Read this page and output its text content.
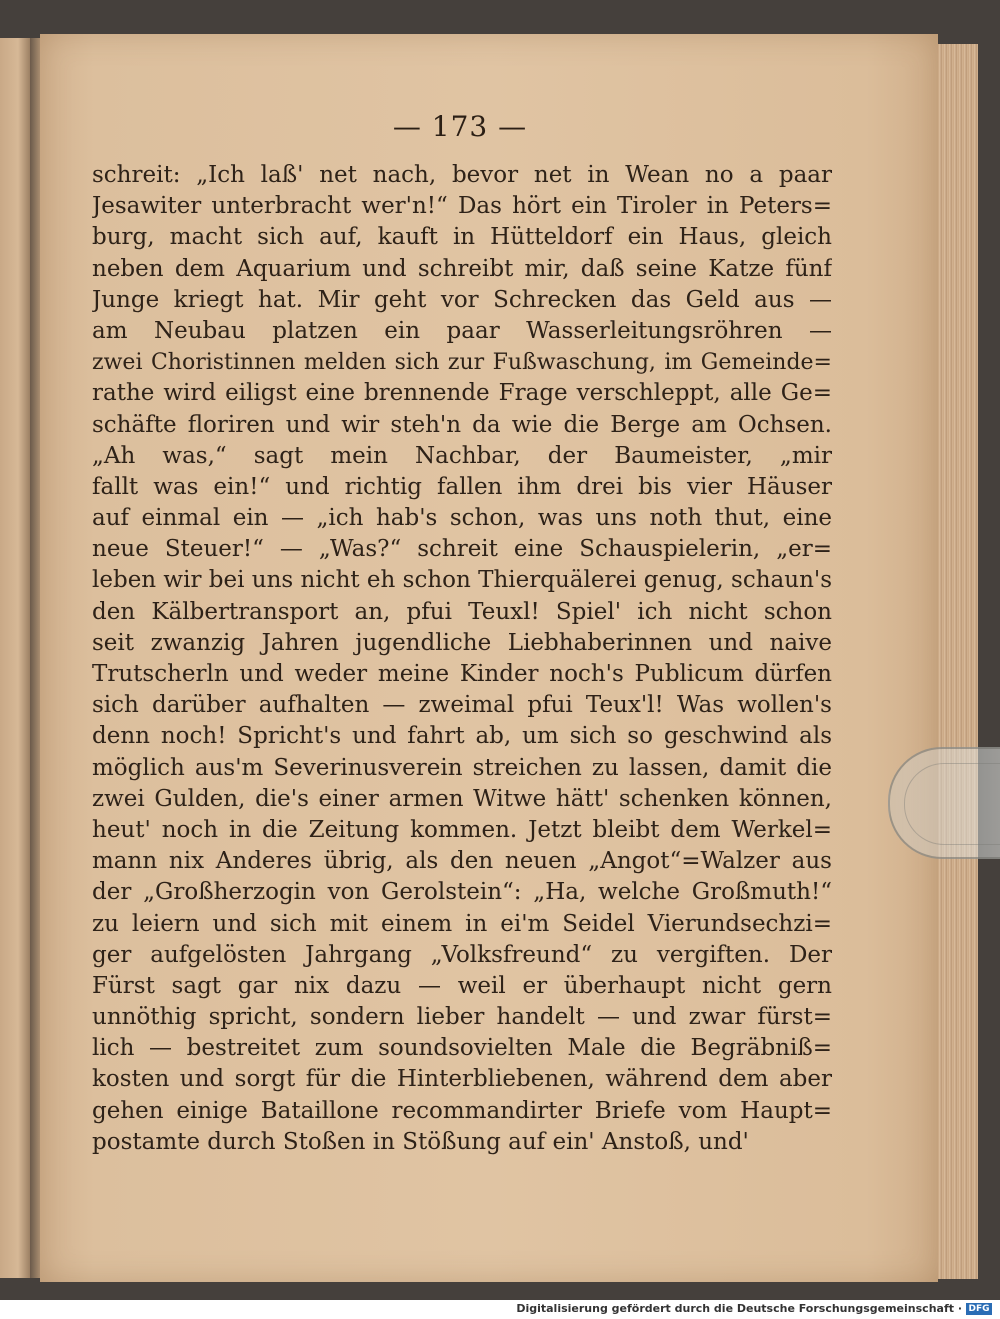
— 173 —
schreit: „Ich laß' net nach, bevor net in Wean no a paar
Jesawiter unterbracht wer'n!“ Das hört ein Tiroler in Peters=
burg, macht sich auf, kauft in Hütteldorf ein Haus, gleich
neben dem Aquarium und schreibt mir, daß seine Katze fünf
Junge kriegt hat. Mir geht vor Schrecken das Geld aus —
am Neubau platzen ein paar Wasserleitungsröhren —
zwei Choristinnen melden sich zur Fußwaschung, im Gemeinde=
rathe wird eiligst eine brennende Frage verschleppt, alle Ge=
schäfte floriren und wir steh'n da wie die Berge am Ochsen.
„Ah was,“ sagt mein Nachbar, der Baumeister, „mir
fallt was ein!“ und richtig fallen ihm drei bis vier Häuser
auf einmal ein — „ich hab's schon, was uns noth thut, eine
neue Steuer!“ — „Was?“ schreit eine Schauspielerin, „er=
leben wir bei uns nicht eh schon Thierquälerei genug, schaun's
den Kälbertransport an, pfui Teuxl! Spiel' ich nicht schon
seit zwanzig Jahren jugendliche Liebhaberinnen und naive
Trutscherln und weder meine Kinder noch's Publicum dürfen
sich darüber aufhalten — zweimal pfui Teux'l! Was wollen's
denn noch! Spricht's und fahrt ab, um sich so geschwind als
möglich aus'm Severinusverein streichen zu lassen, damit die
zwei Gulden, die's einer armen Witwe hätt' schenken können,
heut' noch in die Zeitung kommen. Jetzt bleibt dem Werkel=
mann nix Anderes übrig, als den neuen „Angot“=Walzer aus
der „Großherzogin von Gerolstein“: „Ha, welche Großmuth!“
zu leiern und sich mit einem in ei'm Seidel Vierundsechzi=
ger aufgelösten Jahrgang „Volksfreund“ zu vergiften. Der
Fürst sagt gar nix dazu — weil er überhaupt nicht gern
unnöthig spricht, sondern lieber handelt — und zwar fürst=
lich — bestreitet zum soundsovielten Male die Begräbniß=
kosten und sorgt für die Hinterbliebenen, während dem aber
gehen einige Bataillone recommandirter Briefe vom Haupt=
postamte durch Stoßen in Stößung auf ein' Anstoß, und'
Digitalisierung gefördert durch die Deutsche Forschungsgemeinschaft · DFG
